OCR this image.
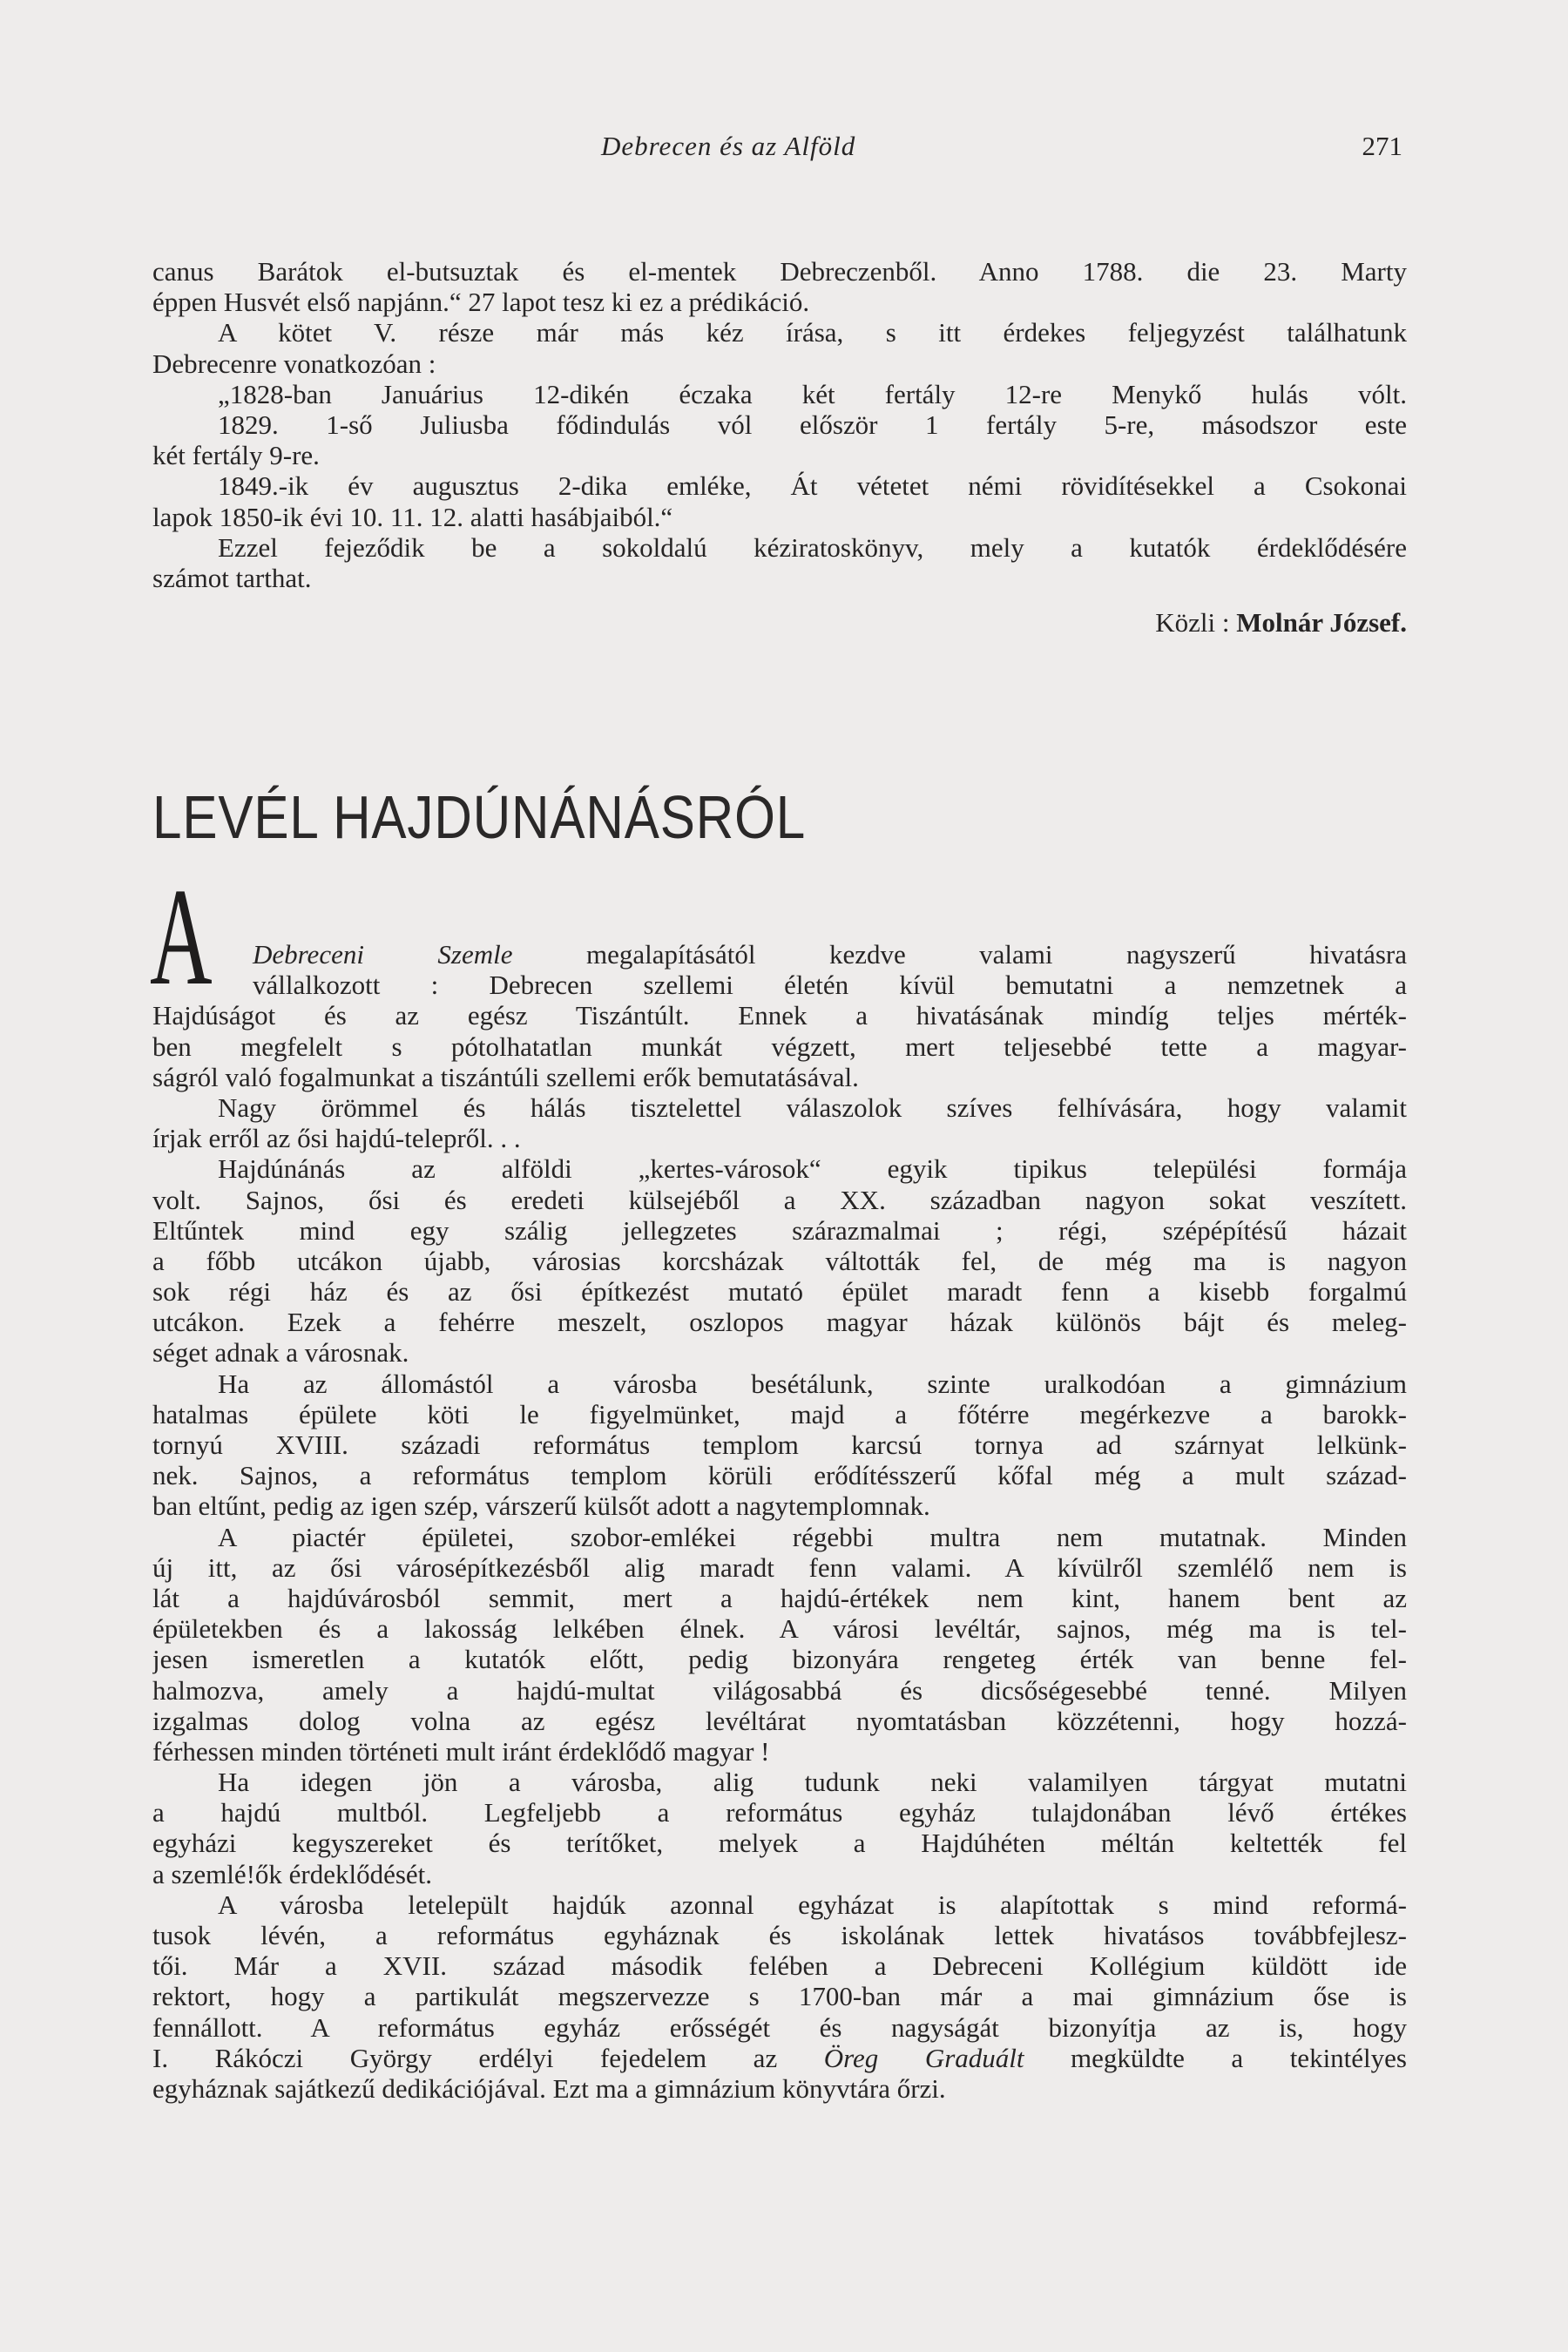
Debrecen és az Alföld	271
canus Barátok el-butsuztak és el-mentek Debreczenből. Anno 1788. die 23. Marty
éppen Husvét első napjánn.“ 27 lapot tesz ki ez a prédikáció.
A kötet V. része már más kéz írása, s itt érdekes feljegyzést találhatunk
Debrecenre vonatkozóan :
„1828-ban Januárius 12-dikén éczaka két fertály 12-re Menykő hulás vólt.
1829. 1-ső Juliusba fődindulás vól először 1 fertály 5-re, másodszor este
két fertály 9-re.
1849.-ik év augusztus 2-dika emléke, Át vétetet némi rövidítésekkel a Csokonai
lapok 1850-ik évi 10. 11. 12. alatti hasábjaiból.“
Ezzel fejeződik be a sokoldalú kéziratoskönyv, mely a kutatók érdeklődésére
számot tarthat.
Közli : Molnár József.
LEVÉL HAJDÚNÁNÁSRÓL
A	Debreceni Szemle megalapításától kezdve valami nagyszerű hivatásra
vállalkozott : Debrecen szellemi életén kívül bemutatni a nemzetnek a
Hajdúságot és az egész Tiszántúlt. Ennek a hivatásának mindíg teljes mérték-
ben megfelelt s pótolhatatlan munkát végzett, mert teljesebbé tette a magyar-
ságról való fogalmunkat a tiszántúli szellemi erők bemutatásával.
Nagy örömmel és hálás tisztelettel válaszolok szíves felhívására, hogy valamit
írjak erről az ősi hajdú-telepről. . .
Hajdúnánás az alföldi „kertes-városok“ egyik tipikus települési formája
volt. Sajnos, ősi és eredeti külsejéből a XX. században nagyon sokat veszített.
Eltűntek mind egy szálig jellegzetes szárazmalmai ; régi, szépépítésű házait
a főbb utcákon újabb, városias korcsházak váltották fel, de még ma is nagyon
sok régi ház és az ősi építkezést mutató épület maradt fenn a kisebb forgalmú
utcákon. Ezek a fehérre meszelt, oszlopos magyar házak különös bájt és meleg-
séget adnak a városnak.
Ha az állomástól a városba besétálunk, szinte uralkodóan a gimnázium
hatalmas épülete köti le figyelmünket, majd a főtérre megérkezve a barokk-
tornyú XVIII. századi református templom karcsú tornya ad szárnyat lelkünk-
nek. Sajnos, a református templom körüli erődítésszerű kőfal még a mult század-
ban eltűnt, pedig az igen szép, várszerű külsőt adott a nagytemplomnak.
A piactér épületei, szobor-emlékei régebbi multra nem mutatnak. Minden
új itt, az ősi városépítkezésből alig maradt fenn valami. A kívülről szemlélő nem is
lát a hajdúvárosból semmit, mert a hajdú-értékek nem kint, hanem bent az
épületekben és a lakosság lelkében élnek. A városi levéltár, sajnos, még ma is tel-
jesen ismeretlen a kutatók előtt, pedig bizonyára rengeteg érték van benne fel-
halmozva, amely a hajdú-multat világosabbá és dicsőségesebbé tenné. Milyen
izgalmas dolog volna az egész levéltárat nyomtatásban közzétenni, hogy hozzá-
férhessen minden történeti mult iránt érdeklődő magyar !
Ha idegen jön a városba, alig tudunk neki valamilyen tárgyat mutatni
a hajdú multból. Legfeljebb a református egyház tulajdonában lévő értékes
egyházi kegyszereket és terítőket, melyek a Hajdúhéten méltán keltették fel
a szemlé!ők érdeklődését.
A városba letelepült hajdúk azonnal egyházat is alapítottak s mind reformá-
tusok lévén, a református egyháznak és iskolának lettek hivatásos továbbfejlesz-
tői. Már a XVII. század második felében a Debreceni Kollégium küldött ide
rektort, hogy a partikulát megszervezze s 1700-ban már a mai gimnázium őse is
fennállott. A református egyház erősségét és nagyságát bizonyítja az is, hogy
I. Rákóczi György erdélyi fejedelem az Öreg Graduált megküldte a tekintélyes
egyháznak sajátkezű dedikációjával. Ezt ma a gimnázium könyvtára őrzi.
